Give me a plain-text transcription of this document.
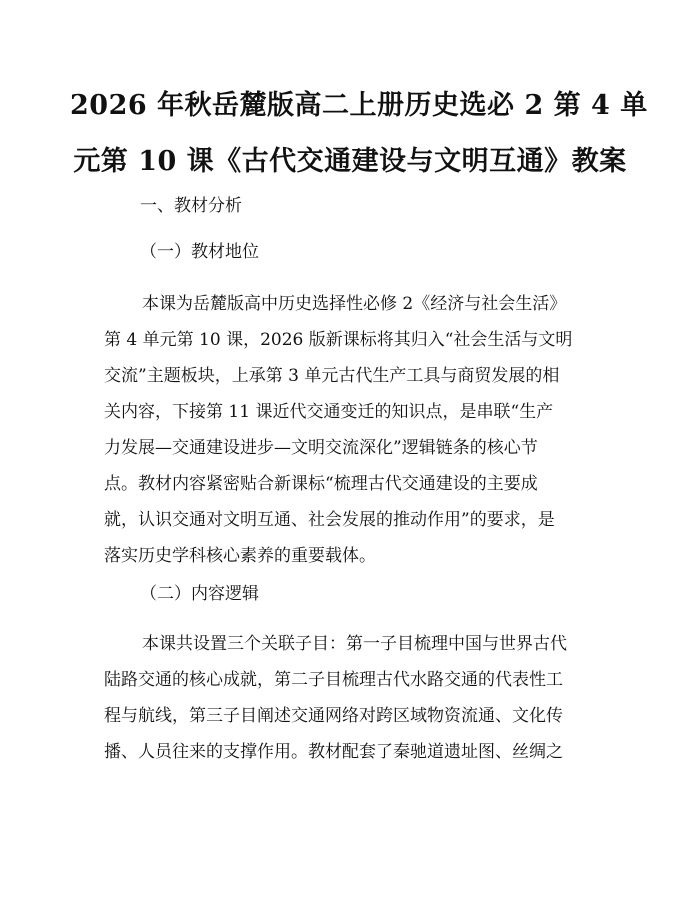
2026 年秋岳麓版高二上册历史选必 2 第 4 单
元第 10 课《古代交通建设与文明互通》教案
一、教材分析
（一）教材地位
本课为岳麓版高中历史选择性必修 2《经济与社会生活》
第 4 单元第 10 课，2026 版新课标将其归入“社会生活与文明
交流”主题板块，上承第 3 单元古代生产工具与商贸发展的相
关内容，下接第 11 课近代交通变迁的知识点，是串联“生产
力发展—交通建设进步—文明交流深化”逻辑链条的核心节
点。教材内容紧密贴合新课标“梳理古代交通建设的主要成
就，认识交通对文明互通、社会发展的推动作用”的要求，是
落实历史学科核心素养的重要载体。
（二）内容逻辑
本课共设置三个关联子目：第一子目梳理中国与世界古代
陆路交通的核心成就，第二子目梳理古代水路交通的代表性工
程与航线，第三子目阐述交通网络对跨区域物资流通、文化传
播、人员往来的支撑作用。教材配套了秦驰道遗址图、丝绸之
